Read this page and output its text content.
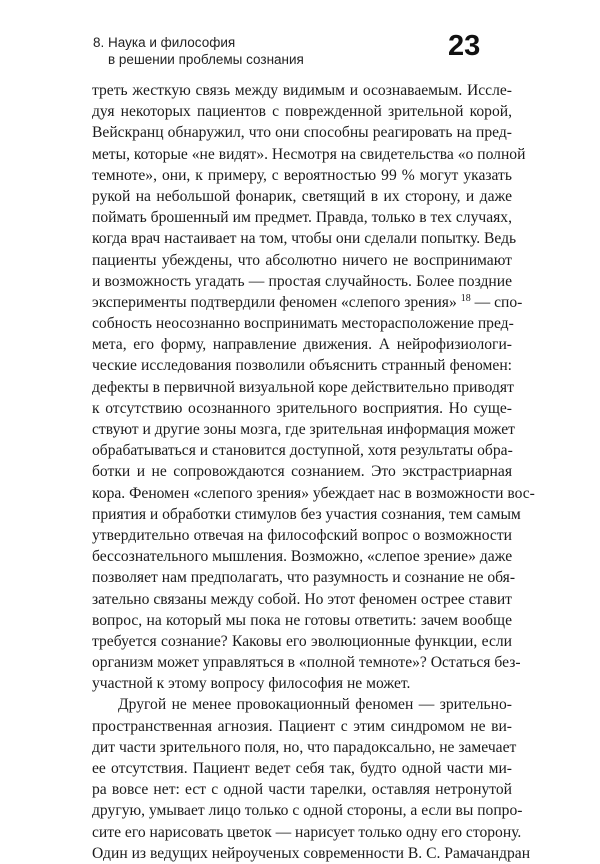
8. Наука и философия
в решении проблемы сознания	23
треть жесткую связь между видимым и осознаваемым. Иссле-
дуя некоторых пациентов с поврежденной зрительной корой,
Вейскранц обнаружил, что они способны реагировать на пред-
меты, которые «не видят». Несмотря на свидетельства «о полной
темноте», они, к примеру, с вероятностью 99 % могут указать
рукой на небольшой фонарик, светящий в их сторону, и даже
поймать брошенный им предмет. Правда, только в тех случаях,
когда врач настаивает на том, чтобы они сделали попытку. Ведь
пациенты убеждены, что абсолютно ничего не воспринимают
и возможность угадать — простая случайность. Более поздние
эксперименты подтвердили феномен «слепого зрения» $^{18}$ — спо-
собность неосознанно воспринимать месторасположение пред-
мета, его форму, направление движения. А нейрофизиологи-
ческие исследования позволили объяснить странный феномен:
дефекты в первичной визуальной коре действительно приводят
к отсутствию осознанного зрительного восприятия. Но суще-
ствуют и другие зоны мозга, где зрительная информация может
обрабатываться и становится доступной, хотя результаты обра-
ботки и не сопровождаются сознанием. Это экстрастриарная
кора. Феномен «слепого зрения» убеждает нас в возможности вос-
приятия и обработки стимулов без участия сознания, тем самым
утвердительно отвечая на философский вопрос о возможности
бессознательного мышления. Возможно, «слепое зрение» даже
позволяет нам предполагать, что разумность и сознание не обя-
зательно связаны между собой. Но этот феномен острее ставит
вопрос, на который мы пока не готовы ответить: зачем вообще
требуется сознание? Каковы его эволюционные функции, если
организм может управляться в «полной темноте»? Остаться без-
участной к этому вопросу философия не может.
Другой не менее провокационный феномен — зрительно-
пространственная агнозия. Пациент с этим синдромом не ви-
дит части зрительного поля, но, что парадоксально, не замечает
ее отсутствия. Пациент ведет себя так, будто одной части ми-
ра вовсе нет: ест с одной части тарелки, оставляя нетронутой
другую, умывает лицо только с одной стороны, а если вы попро-
сите его нарисовать цветок — нарисует только одну его сторону.
Один из ведущих нейроученых современности В. С. Рамачандран
